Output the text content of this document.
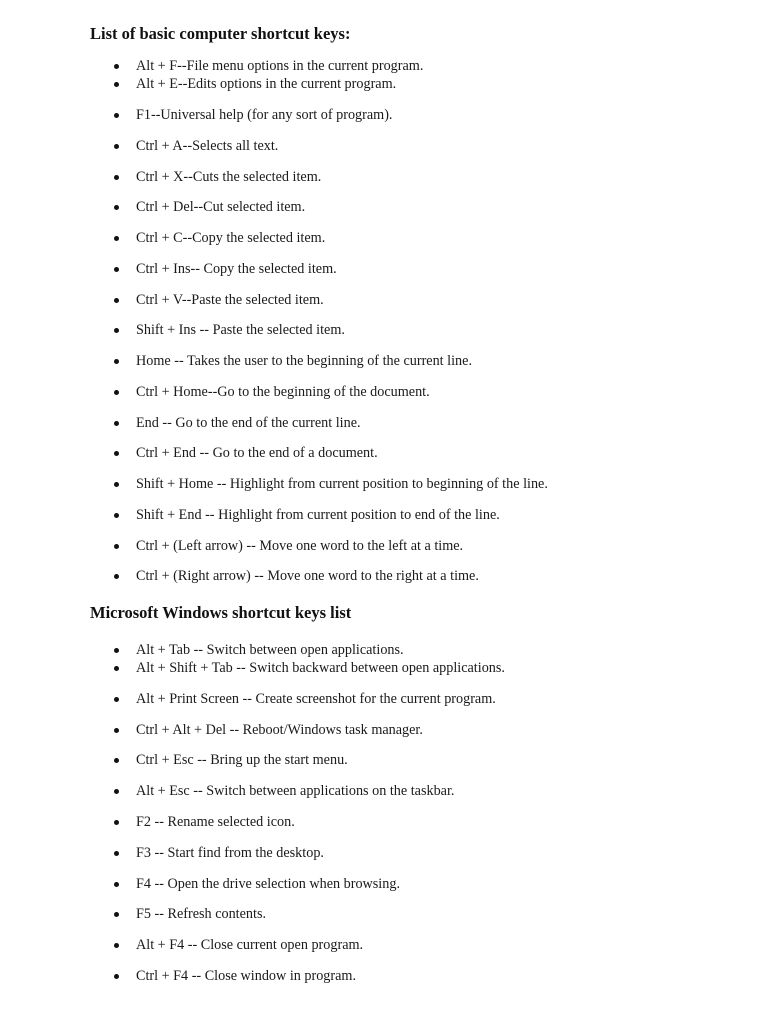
List of basic computer shortcut keys:
Alt + F--File menu options in the current program.
Alt + E--Edits options in the current program.
F1--Universal help (for any sort of program).
Ctrl + A--Selects all text.
Ctrl + X--Cuts the selected item.
Ctrl + Del--Cut selected item.
Ctrl + C--Copy the selected item.
Ctrl + Ins-- Copy the selected item.
Ctrl + V--Paste the selected item.
Shift + Ins -- Paste the selected item.
Home -- Takes the user to the beginning of the current line.
Ctrl + Home--Go to the beginning of the document.
End -- Go to the end of the current line.
Ctrl + End -- Go to the end of a document.
Shift + Home -- Highlight from current position to beginning of the line.
Shift + End -- Highlight from current position to end of the line.
Ctrl + (Left arrow) -- Move one word to the left at a time.
Ctrl + (Right arrow) -- Move one word to the right at a time.
Microsoft Windows shortcut keys list
Alt + Tab -- Switch between open applications.
Alt + Shift + Tab -- Switch backward between open applications.
Alt + Print Screen -- Create screenshot for the current program.
Ctrl + Alt + Del -- Reboot/Windows task manager.
Ctrl + Esc -- Bring up the start menu.
Alt + Esc -- Switch between applications on the taskbar.
F2 -- Rename selected icon.
F3 -- Start find from the desktop.
F4 -- Open the drive selection when browsing.
F5 -- Refresh contents.
Alt + F4 -- Close current open program.
Ctrl + F4 -- Close window in program.
